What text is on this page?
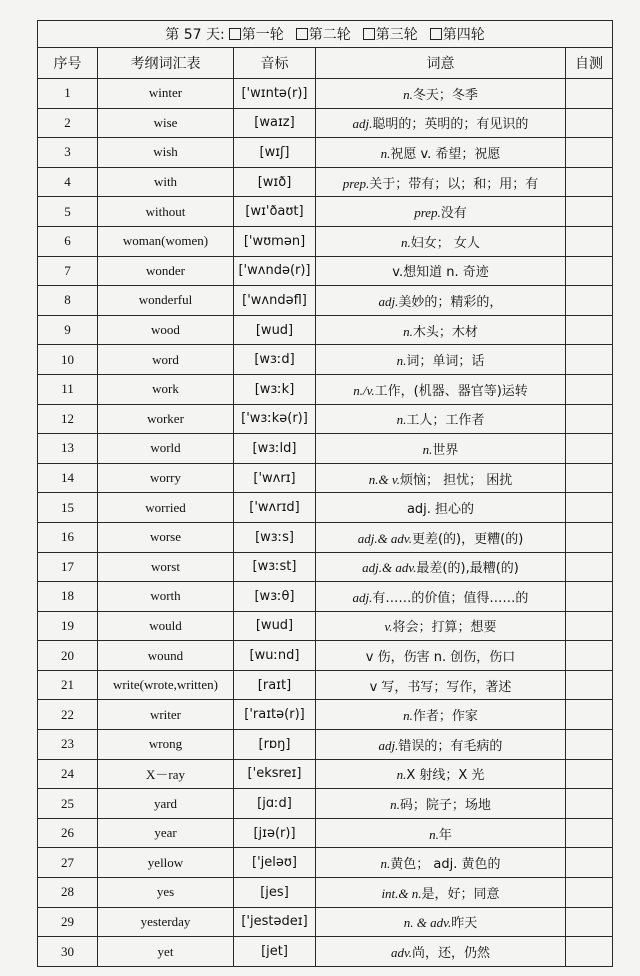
第 57 天: 第一轮 第二轮 第三轮 第四轮				
序号	考纲词汇表	音标	词意	自测
1	winter	['wɪntə(r)]	n.冬天；冬季	
2	wise	[waɪz]	adj.聪明的；英明的；有见识的	
3	wish	[wɪʃ]	n.祝愿 v. 希望；祝愿	
4	with	[wɪð]	prep.关于；带有；以；和；用；有	
5	without	[wɪ'ðaʊt]	prep.没有	
6	woman(women)	['wʊmən]	n.妇女； 女人	
7	wonder	['wʌndə(r)]	v.想知道 n. 奇迹	
8	wonderful	['wʌndəfl]	adj.美妙的；精彩的，	
9	wood	[wud]	n.木头；木材	
10	word	[wɜːd]	n.词；单词；话	
11	work	[wɜːk]	n./v.工作，(机器、器官等)运转	
12	worker	['wɜːkə(r)]	n.工人；工作者	
13	world	[wɜːld]	n.世界	
14	worry	['wʌrɪ]	n.& v.烦恼； 担忧； 困扰	
15	worried	['wʌrɪd]	adj. 担心的	
16	worse	[wɜːs]	adj.& adv.更差(的)，更糟(的)	
17	worst	[wɜːst]	adj.& adv.最差(的),最糟(的)	
18	worth	[wɜːθ]	adj.有……的价值；值得……的	
19	would	[wud]	v.将会；打算；想要	
20	wound	[wuːnd]	v 伤，伤害 n. 创伤，伤口	
21	write(wrote,written)	[raɪt]	v 写，书写；写作，著述	
22	writer	['raɪtə(r)]	n.作者；作家	
23	wrong	[rɒŋ]	adj.错误的；有毛病的	
24	X－ray	['eksreɪ]	n.X 射线；X 光	
25	yard	[jɑːd]	n.码；院子；场地	
26	year	[jɪə(r)]	n.年	
27	yellow	['jeləʊ]	n.黄色； adj. 黄色的	
28	yes	[jes]	int.& n.是，好；同意	
29	yesterday	['jestədeɪ]	n. & adv.昨天	
30	yet	[jet]	adv.尚，还，仍然	
